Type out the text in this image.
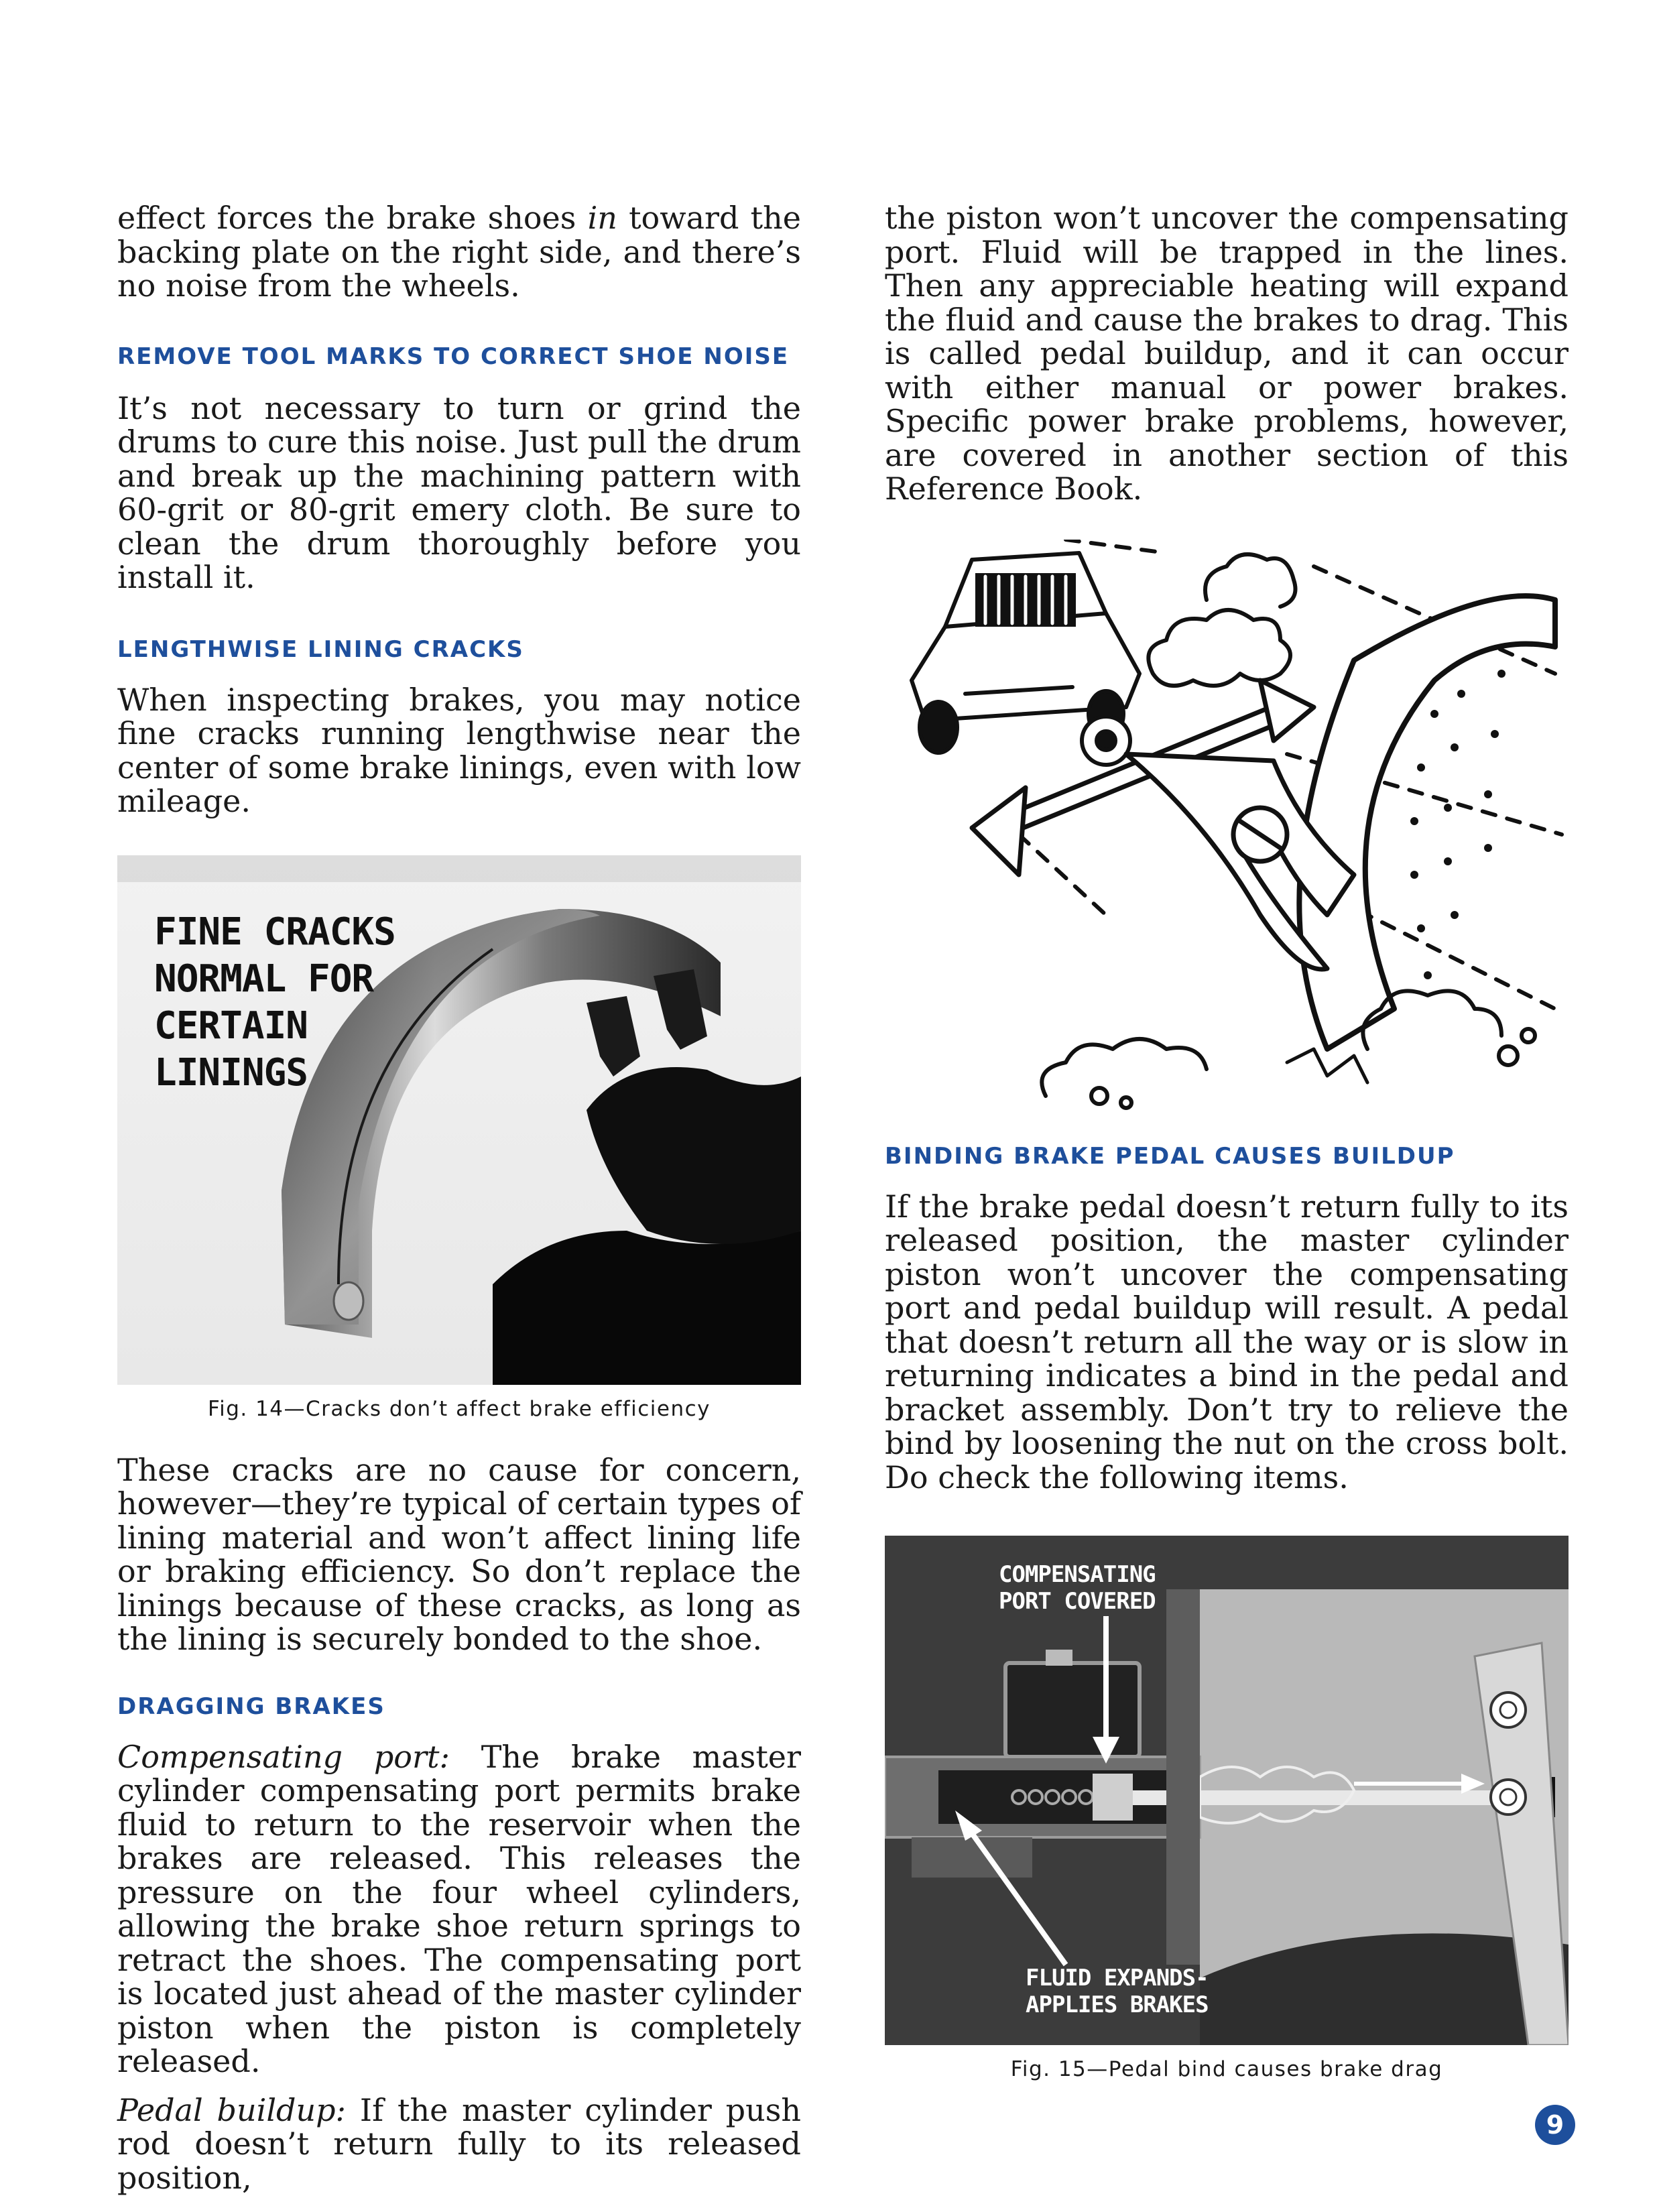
effect forces the brake shoes in toward the backing plate on the right side, and there’s no noise from the wheels.

REMOVE TOOL MARKS TO CORRECT SHOE NOISE

It’s not necessary to turn or grind the drums to cure this noise. Just pull the drum and break up the machining pattern with 60-grit or 80-grit emery cloth. Be sure to clean the drum thoroughly before you install it.

LENGTHWISE LINING CRACKS

When inspecting brakes, you may notice fine cracks running lengthwise near the center of some brake linings, even with low mileage.

FINE CRACKS
NORMAL FOR
CERTAIN
LININGS

Fig. 14—Cracks don’t affect brake efficiency

These cracks are no cause for concern, however—they’re typical of certain types of lining material and won’t affect lining life or braking efficiency. So don’t replace the linings because of these cracks, as long as the lining is securely bonded to the shoe.

DRAGGING BRAKES

Compensating port: The brake master cylinder compensating port permits brake fluid to return to the reservoir when the brakes are released. This releases the pressure on the four wheel cylinders, allowing the brake shoe return springs to retract the shoes. The compensating port is located just ahead of the master cylinder piston when the piston is completely released.

Pedal buildup: If the master cylinder push rod doesn’t return fully to its released position,

the piston won’t uncover the compensating port. Fluid will be trapped in the lines. Then any appreciable heating will expand the fluid and cause the brakes to drag. This is called pedal buildup, and it can occur with either manual or power brakes. Specific power brake problems, however, are covered in another section of this Reference Book.

BINDING BRAKE PEDAL CAUSES BUILDUP

If the brake pedal doesn’t return fully to its released position, the master cylinder piston won’t uncover the compensating port and pedal buildup will result. A pedal that doesn’t return all the way or is slow in returning indicates a bind in the pedal and bracket assembly. Don’t try to relieve the bind by loosening the nut on the cross bolt. Do check the following items.

COMPENSATING
PORT COVERED
FLUID EXPANDS-
APPLIES BRAKES

Fig. 15—Pedal bind causes brake drag

9
